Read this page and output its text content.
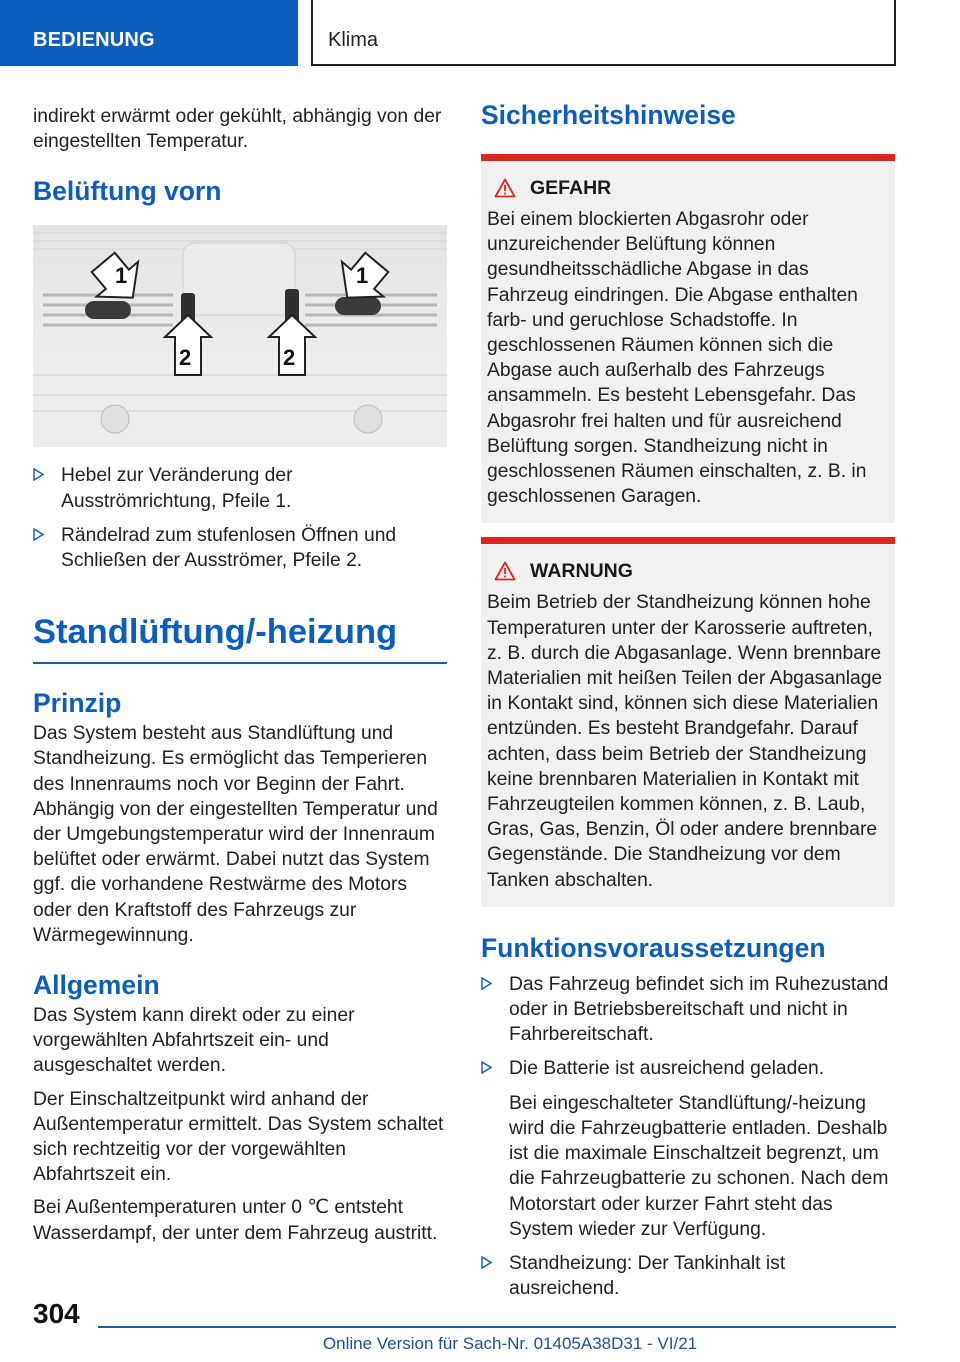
BEDIENUNG	Klima

indirekt erwärmt oder gekühlt, abhängig von der eingestellten Temperatur.

Belüftung vorn
1	1
2	2
Hebel zur Veränderung der Ausströmrichtung, Pfeile 1.
Rändelrad zum stufenlosen Öffnen und Schließen der Ausströmer, Pfeile 2.
Standlüftung/-heizung
Prinzip

Das System besteht aus Standlüftung und Standheizung. Es ermöglicht das Temperieren des Innenraums noch vor Beginn der Fahrt. Abhängig von der eingestellten Temperatur und der Umgebungstemperatur wird der Innenraum belüftet oder erwärmt. Dabei nutzt das System ggf. die vorhandene Restwärme des Motors oder den Kraftstoff des Fahrzeugs zur Wärmegewinnung.

Allgemein

Das System kann direkt oder zu einer vorgewählten Abfahrtszeit ein- und ausgeschaltet werden.

Der Einschaltzeitpunkt wird anhand der Außentemperatur ermittelt. Das System schaltet sich rechtzeitig vor der vorgewählten Abfahrtszeit ein.

Bei Außentemperaturen unter 0 ℃ entsteht Wasserdampf, der unter dem Fahrzeug austritt.

Sicherheitshinweise
GEFAHR

Bei einem blockierten Abgasrohr oder unzureichender Belüftung können gesundheitsschädliche Abgase in das Fahrzeug eindringen. Die Abgase enthalten farb- und geruchlose Schadstoffe. In geschlossenen Räumen können sich die Abgase auch außerhalb des Fahrzeugs ansammeln. Es besteht Lebensgefahr. Das Abgasrohr frei halten und für ausreichend Belüftung sorgen. Standheizung nicht in geschlossenen Räumen einschalten, z. B. in geschlossenen Garagen.

WARNUNG

Beim Betrieb der Standheizung können hohe Temperaturen unter der Karosserie auftreten, z. B. durch die Abgasanlage. Wenn brennbare Materialien mit heißen Teilen der Abgasanlage in Kontakt sind, können sich diese Materialien entzünden. Es besteht Brandgefahr. Darauf achten, dass beim Betrieb der Standheizung keine brennbaren Materialien in Kontakt mit Fahrzeugteilen kommen können, z. B. Laub, Gras, Gas, Benzin, Öl oder andere brennbare Gegenstände. Die Standheizung vor dem Tanken abschalten.

Funktionsvoraussetzungen
Das Fahrzeug befindet sich im Ruhezustand oder in Betriebsbereitschaft und nicht in Fahrbereitschaft.
Die Batterie ist ausreichend geladen.

Bei eingeschalteter Standlüftung/-heizung wird die Fahrzeugbatterie entladen. Deshalb ist die maximale Einschaltzeit begrenzt, um die Fahrzeugbatterie zu schonen. Nach dem Motorstart oder kurzer Fahrt steht das System wieder zur Verfügung.

Standheizung: Der Tankinhalt ist ausreichend.
304
Online Version für Sach-Nr. 01405A38D31 - VI/21
